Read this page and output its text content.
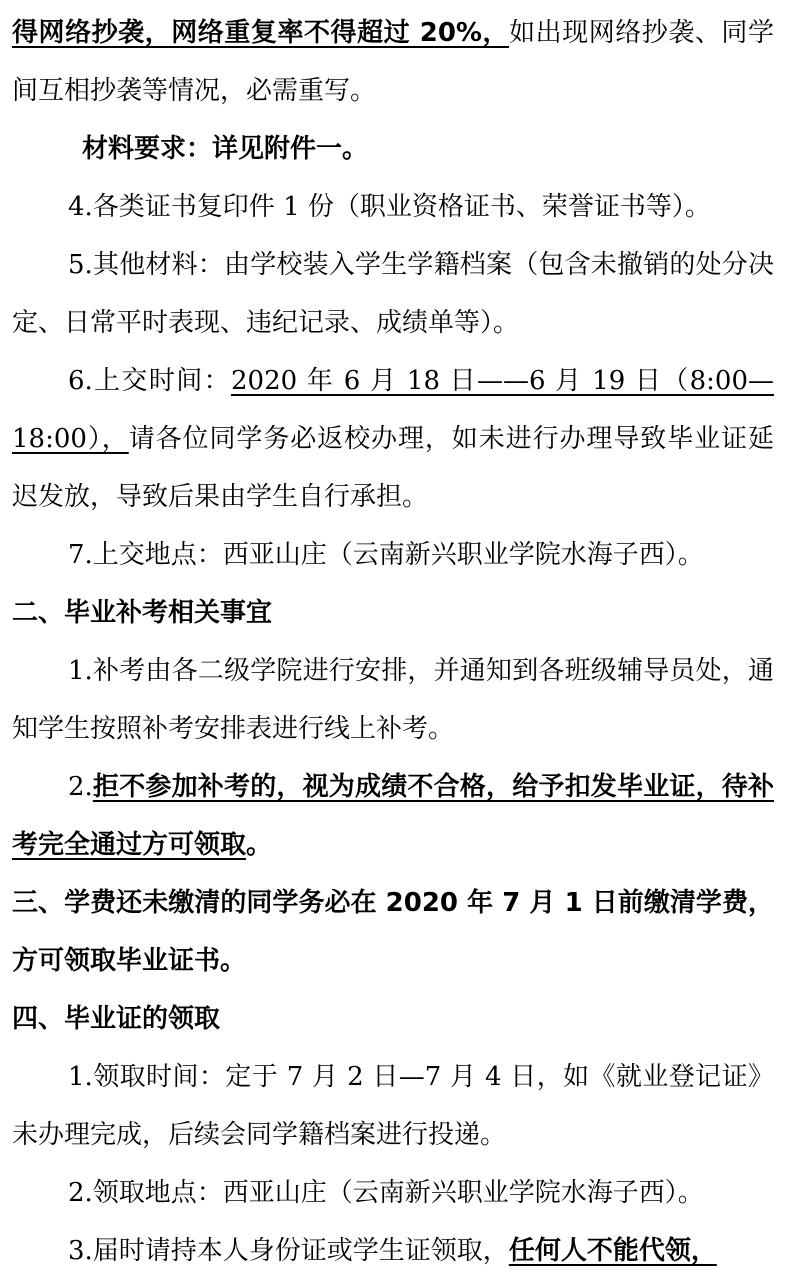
得网络抄袭，网络重复率不得超过 20%，如出现网络抄袭、同学间互相抄袭等情况，必需重写。

材料要求：详见附件一。

4.各类证书复印件 1 份（职业资格证书、荣誉证书等）。

5.其他材料：由学校装入学生学籍档案（包含未撤销的处分决定、日常平时表现、违纪记录、成绩单等）。

6.上交时间：2020 年 6 月 18 日——6 月 19 日（8:00—18:00），请各位同学务必返校办理，如未进行办理导致毕业证延迟发放，导致后果由学生自行承担。

7.上交地点：西亚山庄（云南新兴职业学院水海子西）。

二、毕业补考相关事宜

1.补考由各二级学院进行安排，并通知到各班级辅导员处，通知学生按照补考安排表进行线上补考。

2.拒不参加补考的，视为成绩不合格，给予扣发毕业证，待补考完全通过方可领取。

三、学费还未缴清的同学务必在 2020 年 7 月 1 日前缴清学费，方可领取毕业证书。

四、毕业证的领取

1.领取时间：定于 7 月 2 日—7 月 4 日，如《就业登记证》未办理完成，后续会同学籍档案进行投递。

2.领取地点：西亚山庄（云南新兴职业学院水海子西）。

3.届时请持本人身份证或学生证领取，任何人不能代领，
